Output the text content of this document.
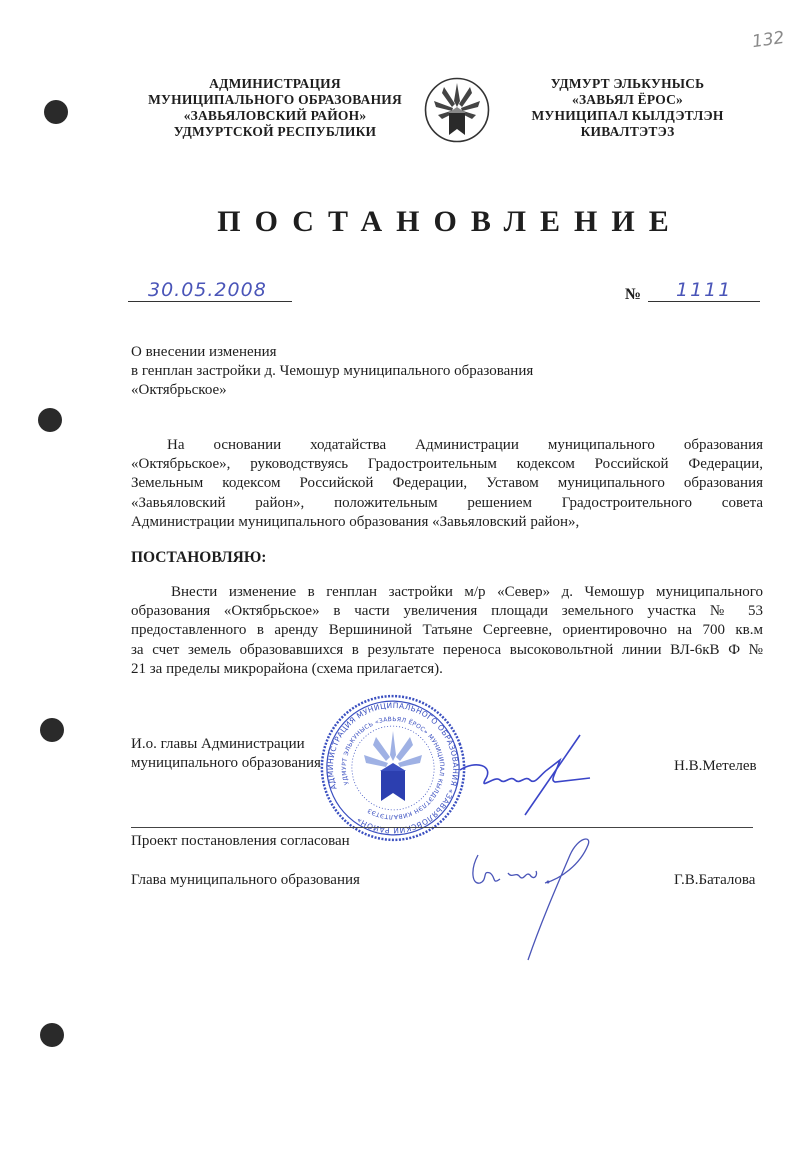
132
АДМИНИСТРАЦИЯ
МУНИЦИПАЛЬНОГО ОБРАЗОВАНИЯ
«ЗАВЬЯЛОВСКИЙ РАЙОН»
УДМУРТСКОЙ РЕСПУБЛИКИ
УДМУРТ ЭЛЬКУНЫСЬ
«ЗАВЬЯЛ ЁРОС»
МУНИЦИПАЛ КЫЛДЭТЛЭН
КИВАЛТЭТЭЗ
ПОСТАНОВЛЕНИЕ
30.05.2008	№ 1111
О внесении изменения
в генплан застройки д. Чемошур муниципального образования
«Октябрьское»
На основании ходатайства Администрации муниципального образования
«Октябрьское», руководствуясь Градостроительным кодексом Российской Федерации,
Земельным кодексом Российской Федерации, Уставом муниципального образования
«Завьяловский район», положительным решением Градостроительного совета
Администрации муниципального образования «Завьяловский район»,
ПОСТАНОВЛЯЮ:
Внести изменение в генплан застройки м/р «Север» д. Чемошур муниципального
образования «Октябрьское» в части увеличения площади земельного участка № 53
предоставленного в аренду Вершининой Татьяне Сергеевне, ориентировочно на 700 кв.м
за счет земель образовавшихся в результате переноса высоковольтной линии ВЛ-6кВ Ф №
21 за пределы микрорайона (схема прилагается).
И.о. главы Администрации
муниципального образования	Н.В.Метелев
АДМИНИСТРАЦИЯ МУНИЦИПАЛЬНОГО ОБРАЗОВАНИЯ «ЗАВЬЯЛОВСКИЙ РАЙОН»
УДМУРТ ЭЛЬКУНЫСЬ «ЗАВЬЯЛ ЁРОС» МУНИЦИПАЛ КЫЛДЭТЛЭН КИВАЛТЭТЭЗ
Проект постановления согласован
Глава муниципального образования	Г.В.Баталова
